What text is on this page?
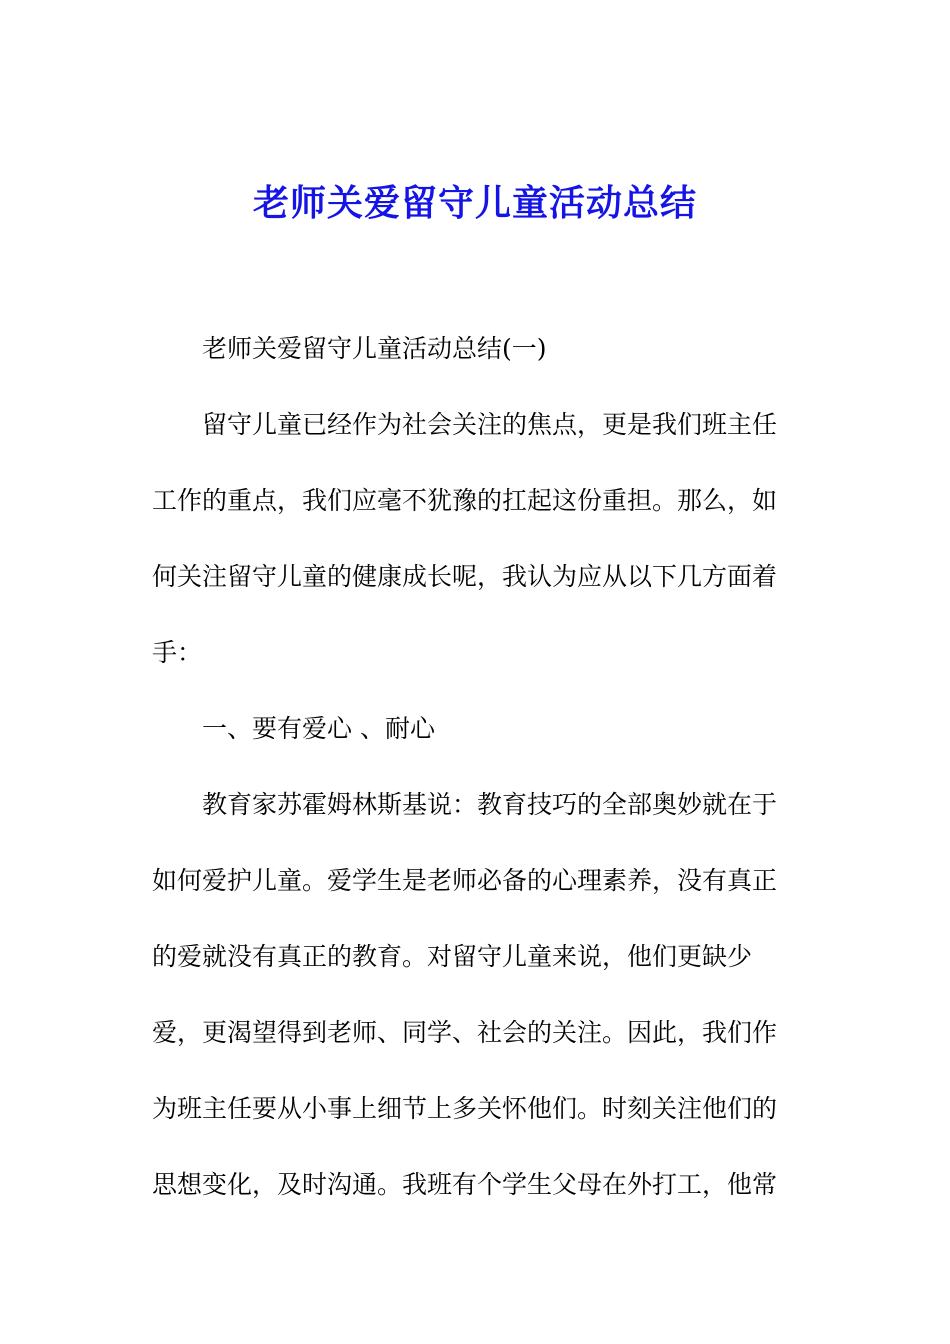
老师关爱留守儿童活动总结

老师关爱留守儿童活动总结(一)

留守儿童已经作为社会关注的焦点，更是我们班主任

工作的重点，我们应毫不犹豫的扛起这份重担。那么，如

何关注留守儿童的健康成长呢，我认为应从以下几方面着

手：

一、要有爱心 、耐心

教育家苏霍姆林斯基说：教育技巧的全部奥妙就在于

如何爱护儿童。爱学生是老师必备的心理素养，没有真正

的爱就没有真正的教育。对留守儿童来说，他们更缺少

爱，更渴望得到老师、同学、社会的关注。因此，我们作

为班主任要从小事上细节上多关怀他们。时刻关注他们的

思想变化，及时沟通。我班有个学生父母在外打工，他常
